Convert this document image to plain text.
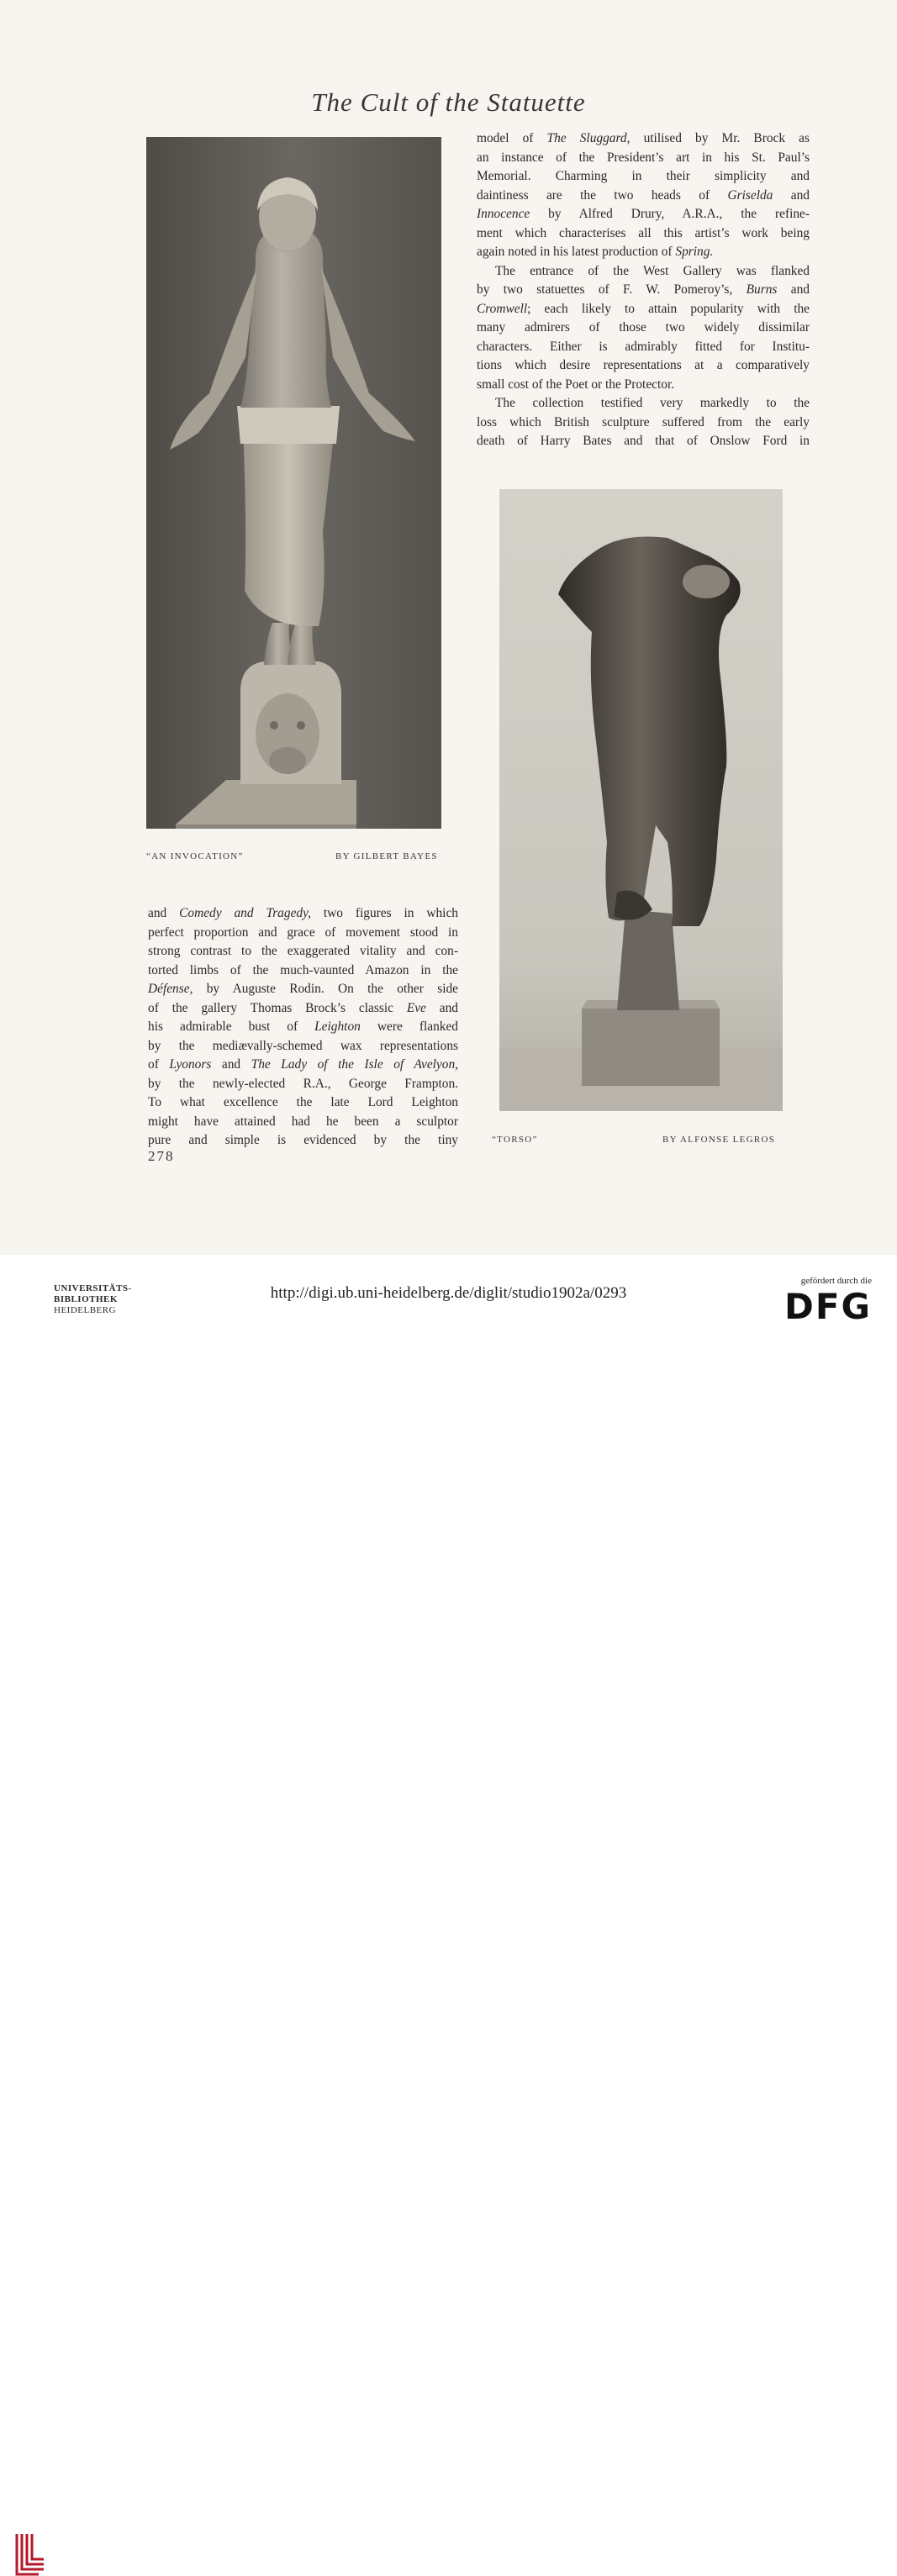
The Cult of the Statuette
“AN INVOCATION”	BY GILBERT BAYES
“TORSO”	BY ALFONSE LEGROS
model of The Sluggard, utilised by Mr. Brock as
an instance of the President’s art in his St. Paul’s
Memorial. Charming in their simplicity and
daintiness are the two heads of Griselda and
Innocence by Alfred Drury, A.R.A., the refine-
ment which characterises all this artist’s work being
again noted in his latest production of Spring.
The entrance of the West Gallery was flanked
by two statuettes of F. W. Pomeroy’s, Burns and
Cromwell; each likely to attain popularity with the
many admirers of those two widely dissimilar
characters. Either is admirably fitted for Institu-
tions which desire representations at a comparatively
small cost of the Poet or the Protector.
The collection testified very markedly to the
loss which British sculpture suffered from the early
death of Harry Bates and that of Onslow Ford in
and Comedy and Tragedy, two figures in which
perfect proportion and grace of movement stood in
strong contrast to the exaggerated vitality and con-
torted limbs of the much-vaunted Amazon in the
Défense, by Auguste Rodin. On the other side
of the gallery Thomas Brock’s classic Eve and
his admirable bust of Leighton were flanked
by the mediævally-schemed wax representations
of Lyonors and The Lady of the Isle of Avelyon,
by the newly-elected R.A., George Frampton.
To what excellence the late Lord Leighton
might have attained had he been a sculptor
pure and simple is evidenced by the tiny
278
UNIVERSITÄTS-
BIBLIOTHEK
HEIDELBERG
http://digi.ub.uni-heidelberg.de/diglit/studio1902a/0293
gefördert durch die
DFG
